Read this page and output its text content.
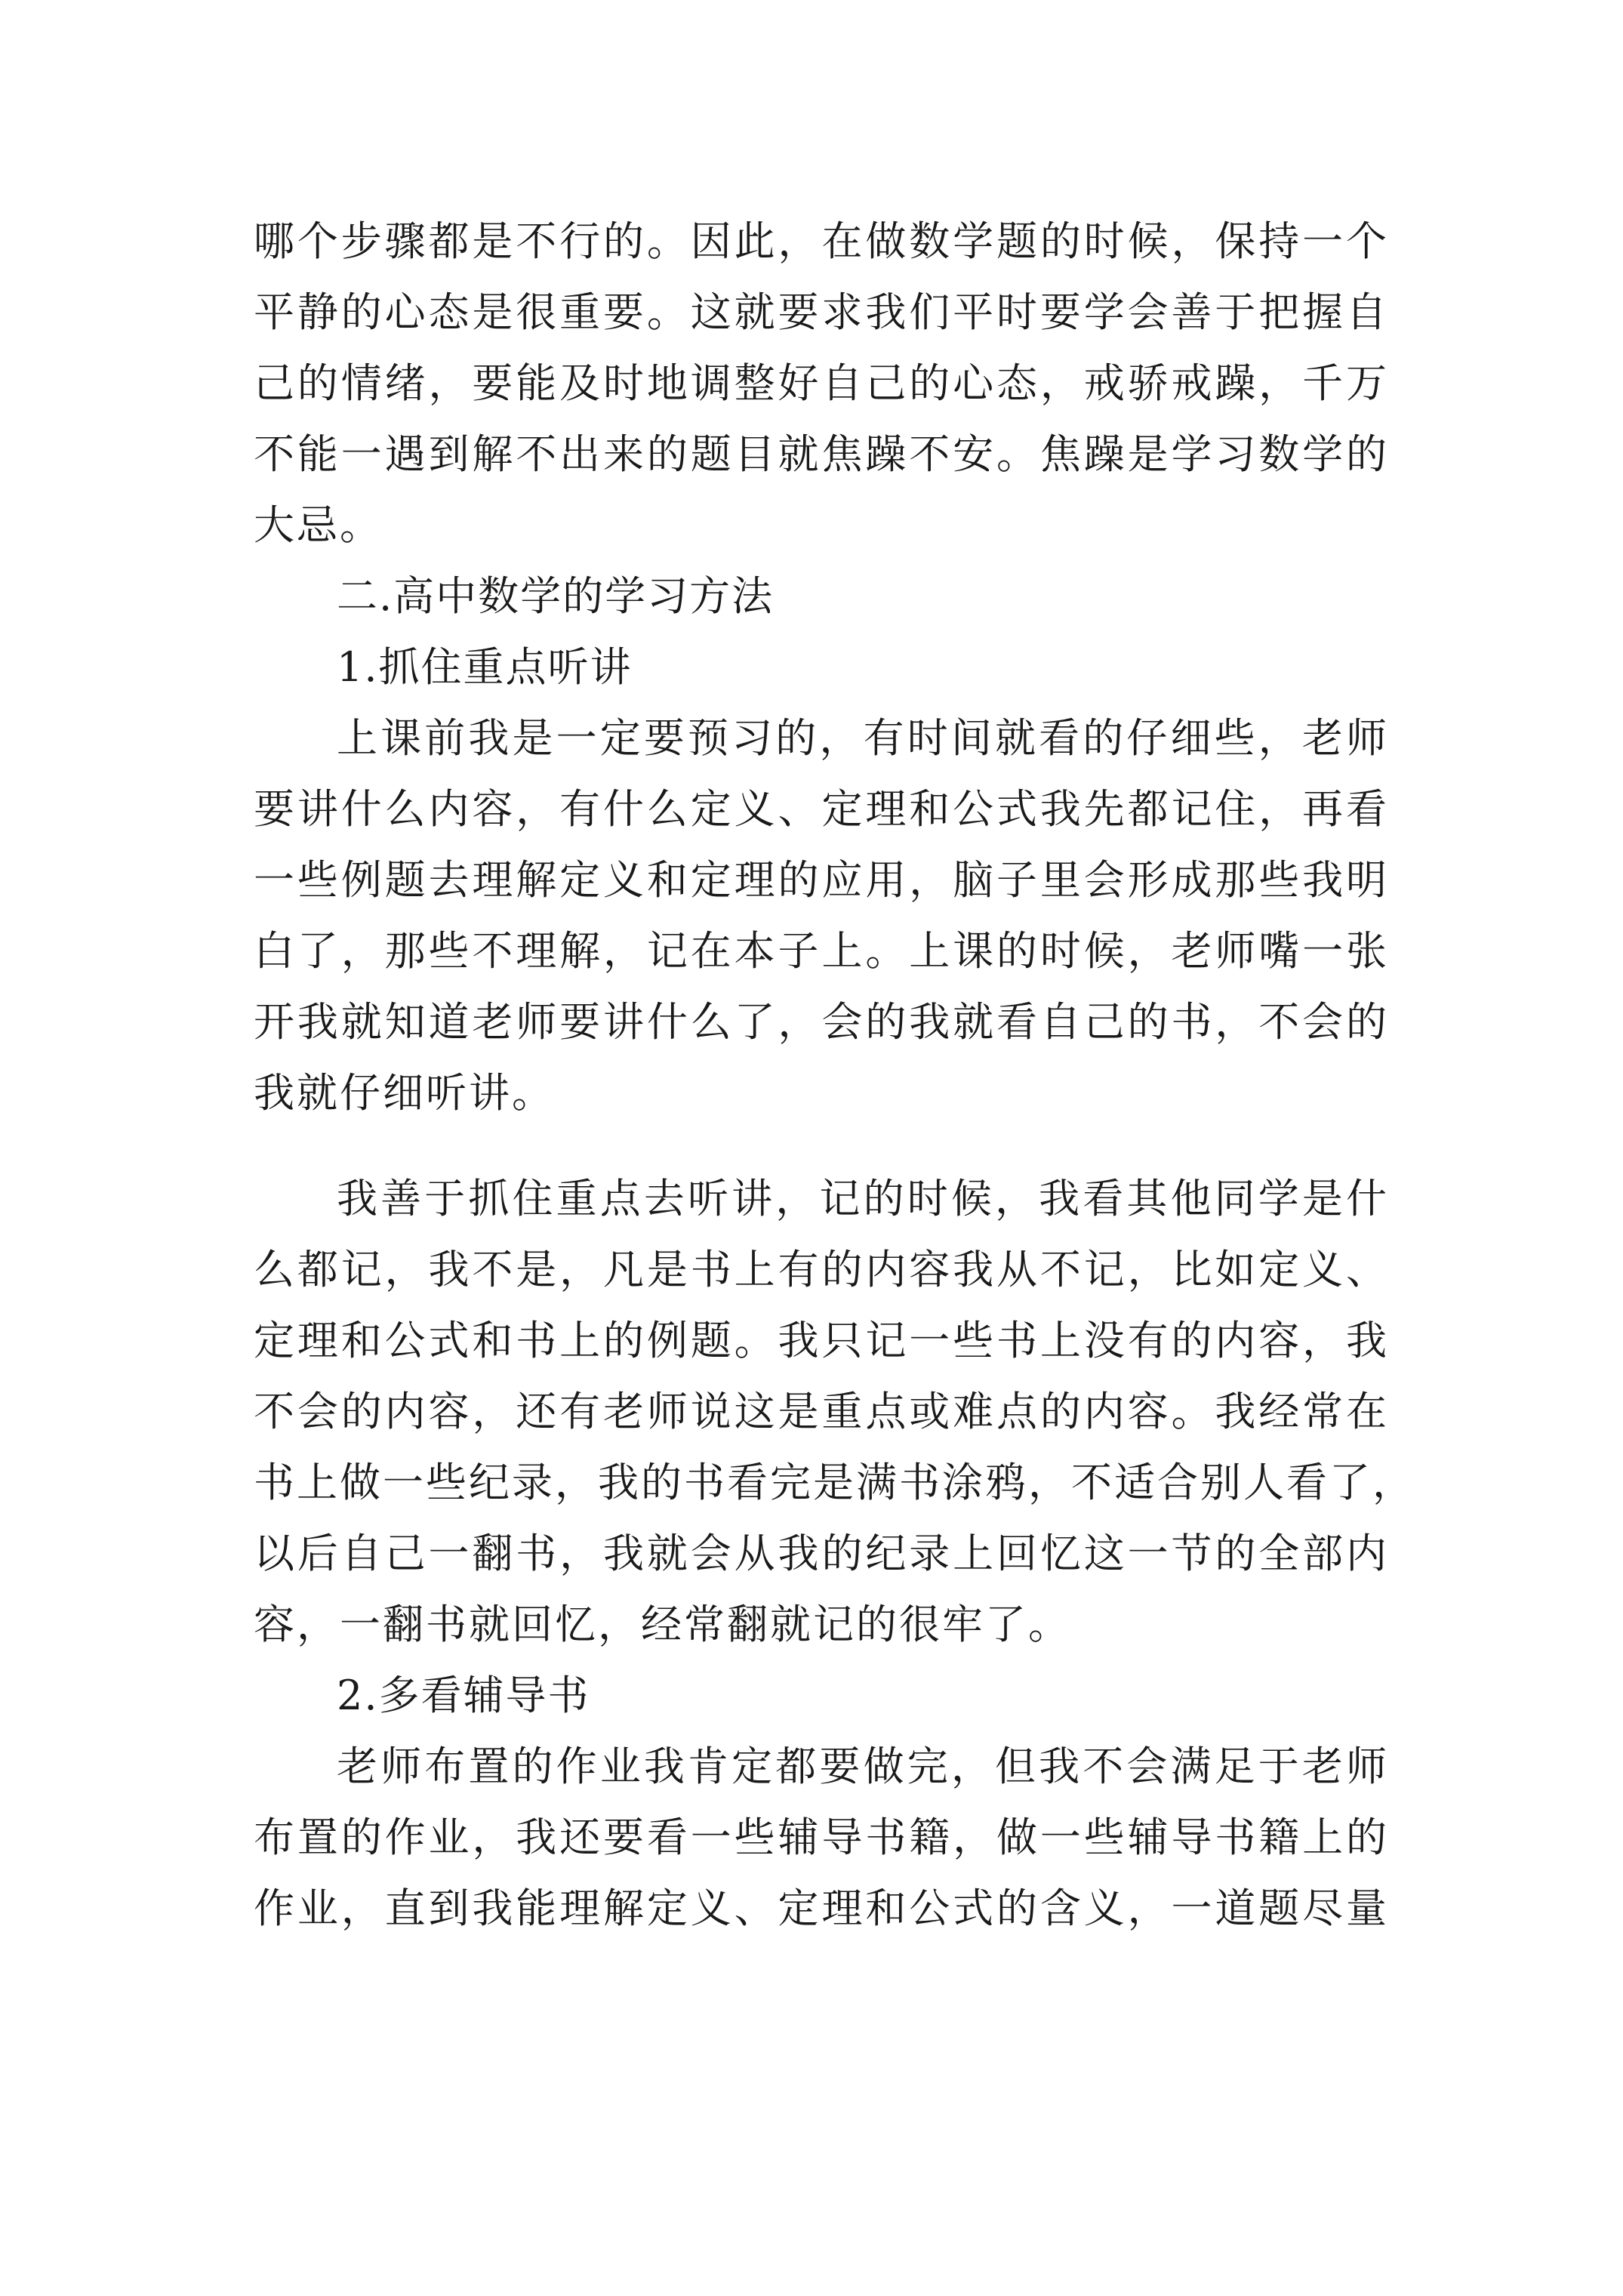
哪个步骤都是不行的。因此，在做数学题的时候，保持一个
平静的心态是很重要。这就要求我们平时要学会善于把握自
己的情绪，要能及时地调整好自己的心态，戒骄戒躁，千万
不能一遇到解不出来的题目就焦躁不安。焦躁是学习数学的
大忌。
二.高中数学的学习方法
1.抓住重点听讲
上课前我是一定要预习的，有时间就看的仔细些，老师
要讲什么内容，有什么定义、定理和公式我先都记住，再看
一些例题去理解定义和定理的应用，脑子里会形成那些我明
白了，那些不理解，记在本子上。上课的时候，老师嘴一张
开我就知道老师要讲什么了，会的我就看自己的书，不会的
我就仔细听讲。
我善于抓住重点去听讲，记的时候，我看其他同学是什
么都记，我不是，凡是书上有的内容我从不记，比如定义、
定理和公式和书上的例题。我只记一些书上没有的内容，我
不会的内容，还有老师说这是重点或难点的内容。我经常在
书上做一些纪录，我的书看完是满书涂鸦，不适合别人看了，
以后自己一翻书，我就会从我的纪录上回忆这一节的全部内
容，一翻书就回忆，经常翻就记的很牢了。
2.多看辅导书
老师布置的作业我肯定都要做完，但我不会满足于老师
布置的作业，我还要看一些辅导书籍，做一些辅导书籍上的
作业，直到我能理解定义、定理和公式的含义，一道题尽量
